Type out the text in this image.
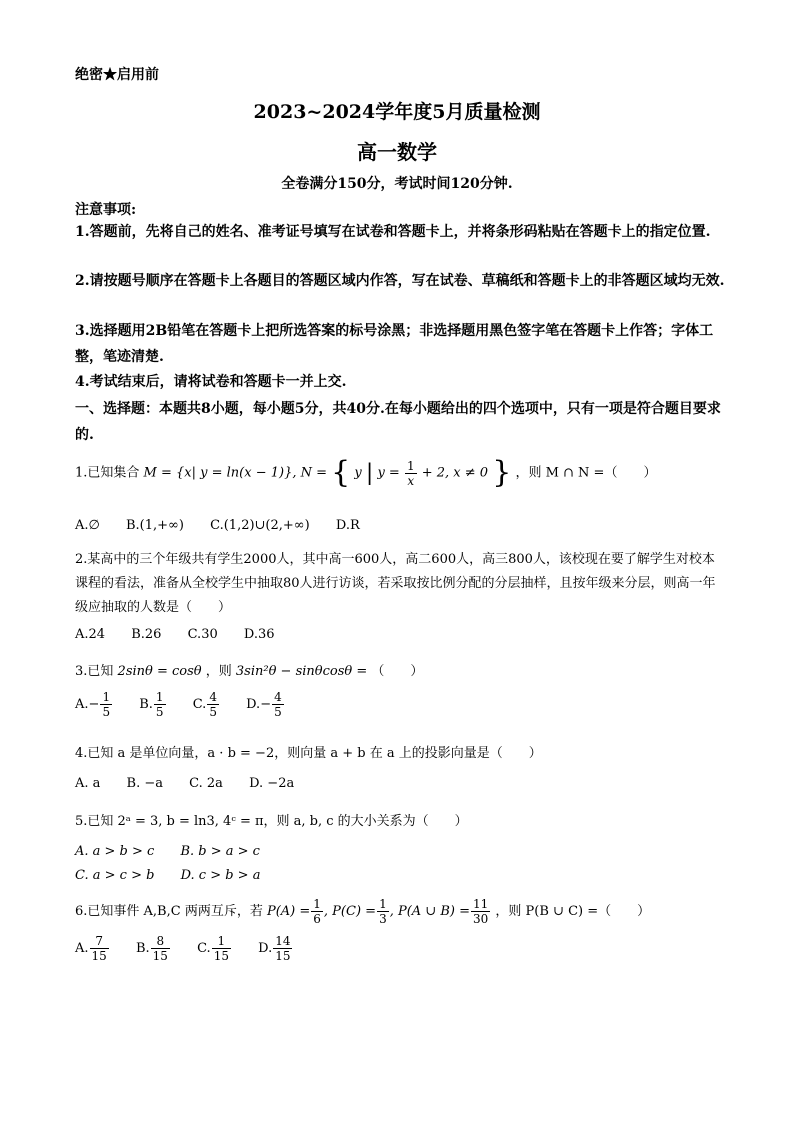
绝密★启用前
2023~2024学年度5月质量检测
高一数学
全卷满分150分，考试时间120分钟.
注意事项:
1.答题前，先将自己的姓名、准考证号填写在试卷和答题卡上，并将条形码粘贴在答题卡上的指定位置.
2.请按题号顺序在答题卡上各题目的答题区域内作答，写在试卷、草稿纸和答题卡上的非答题区域均无效.
3.选择题用2B铅笔在答题卡上把所选答案的标号涂黑；非选择题用黑色签字笔在答题卡上作答；字体工整，笔迹清楚.
4.考试结束后，请将试卷和答题卡一并上交.
一、选择题：本题共8小题，每小题5分，共40分.在每小题给出的四个选项中，只有一项是符合题目要求的.
1.已知集合 M = {x| y = ln(x − 1)}, N = { y | $y = \frac{1}{x} + 2$, x ≠ 0 } ，则 M ∩ N =（　　）
A.∅ B.(1,+∞) C.(1,2)∪(2,+∞) D.R
2.某高中的三个年级共有学生2000人，其中高一600人，高二600人，高三800人，该校现在要了解学生对校本课程的看法，准备从全校学生中抽取80人进行访谈，若采取按比例分配的分层抽样，且按年级来分层，则高一年级应抽取的人数是（　　）
A.24 B.26 C.30 D.36
3.已知 2sinθ = cosθ ，则 3sin²θ − sinθcosθ = （　　）
$A.- \frac{1}{5} B$. $\frac{1}{5} C$. $\frac{4}{5} D.- \frac{4}{5}$
4.已知 a 是单位向量，a · b = −2，则向量 a + b 在 a 上的投影向量是（　　）
A. a B. −a C. 2a D. −2a
5.已知 2ᵃ = 3, b = ln3, 4ᶜ = π，则 a, b, c 的大小关系为（　　）
A. a > b > c B. b > a > c
C. a > c > b D. c > b > a
6.已知事件 A,B,C 两两互斥，若 $P(A) = \frac{1}{6}$ , $P(C) = \frac{1}{3}$ , P(A ∪ $B) = \frac{11}{30}$ ，则 P(B ∪ C) =（　　）
A. $\frac{7}{15} B$. $\frac{8}{15} C$. $\frac{1}{15} D$. $\frac{14}{15}$
